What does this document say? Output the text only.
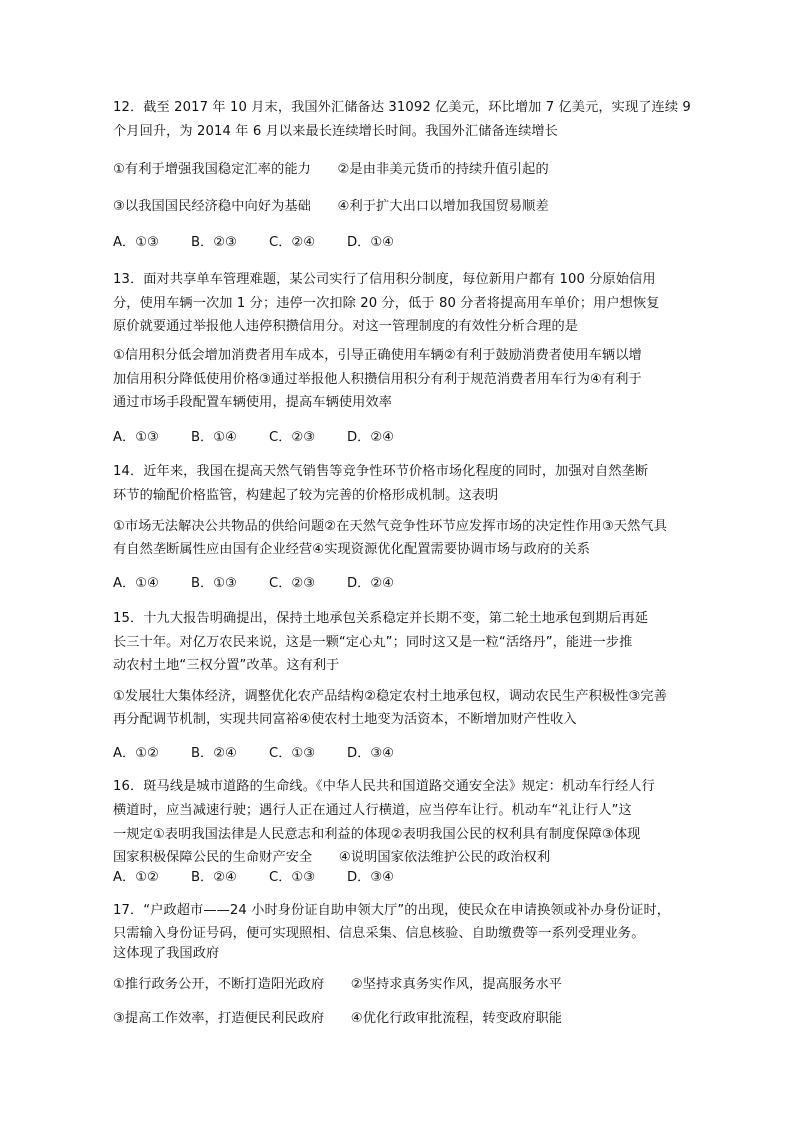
12．截至 2017 年 10 月末，我国外汇储备达 31092 亿美元，环比增加 7 亿美元，实现了连续 9
个月回升，为 2014 年 6 月以来最长连续增长时间。我国外汇储备连续增长
①有利于增强我国稳定汇率的能力　　②是由非美元货币的持续升值引起的
③以我国国民经济稳中向好为基础　　④利于扩大出口以增加我国贸易顺差
A．①③ B．②③ C．②④ D．①④
13．面对共享单车管理难题，某公司实行了信用积分制度，每位新用户都有 100 分原始信用
分，使用车辆一次加 1 分；违停一次扣除 20 分，低于 80 分者将提高用车单价；用户想恢复
原价就要通过举报他人违停积攒信用分。对这一管理制度的有效性分析合理的是
①信用积分低会增加消费者用车成本，引导正确使用车辆②有利于鼓励消费者使用车辆以增
加信用积分降低使用价格③通过举报他人积攒信用积分有利于规范消费者用车行为④有利于
通过市场手段配置车辆使用，提高车辆使用效率
A．①③ B．①④ C．②③ D．②④
14．近年来，我国在提高天然气销售等竞争性环节价格市场化程度的同时，加强对自然垄断
环节的输配价格监管，构建起了较为完善的价格形成机制。这表明
①市场无法解决公共物品的供给问题②在天然气竞争性环节应发挥市场的决定性作用③天然气具
有自然垄断属性应由国有企业经营④实现资源优化配置需要协调市场与政府的关系
A．①④ B．①③ C．②③ D．②④
15．十九大报告明确提出，保持土地承包关系稳定并长期不变，第二轮土地承包到期后再延
长三十年。对亿万农民来说，这是一颗“定心丸”；同时这又是一粒“活络丹”，能进一步推
动农村土地“三权分置”改革。这有利于
①发展壮大集体经济，调整优化农产品结构②稳定农村土地承包权，调动农民生产积极性③完善
再分配调节机制，实现共同富裕④使农村土地变为活资本，不断增加财产性收入
A．①② B．②④ C．①③ D．③④
16．斑马线是城市道路的生命线。《中华人民共和国道路交通安全法》规定：机动车行经人行
横道时，应当减速行驶；遇行人正在通过人行横道，应当停车让行。机动车“礼让行人”这
一规定①表明我国法律是人民意志和利益的体现②表明我国公民的权利具有制度保障③体现
国家积极保障公民的生命财产安全　　④说明国家依法维护公民的政治权利
A．①② B．②④ C．①③ D．③④
17．“户政超市——24 小时身份证自助申领大厅”的出现，使民众在申请换领或补办身份证时，
只需输入身份证号码，便可实现照相、信息采集、信息核验、自助缴费等一系列受理业务。
这体现了我国政府
①推行政务公开，不断打造阳光政府　　②坚持求真务实作风，提高服务水平
③提高工作效率，打造便民利民政府　　④优化行政审批流程，转变政府职能
